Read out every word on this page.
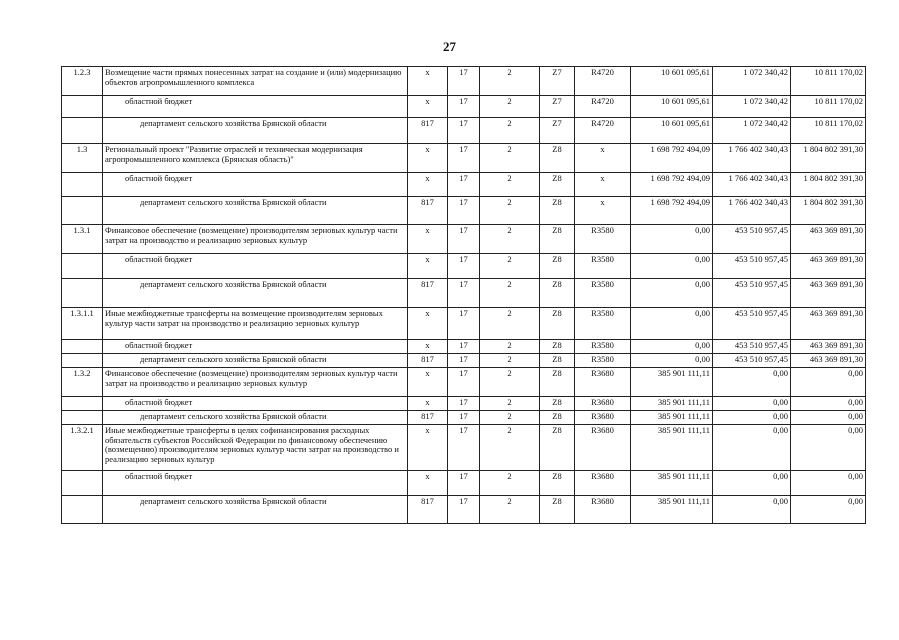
27
1.2.3	Возмещение части прямых понесенных затрат на создание и (или) модернизацию объектов агропромышленного комплекса	x	17	2	Z7	R4720	10 601 095,61	1 072 340,42	10 811 170,02
	областной бюджет	x	17	2	Z7	R4720	10 601 095,61	1 072 340,42	10 811 170,02
	департамент сельского хозяйства Брянской области	817	17	2	Z7	R4720	10 601 095,61	1 072 340,42	10 811 170,02
1.3	Региональный проект "Развитие отраслей и техническая модернизация агропромышленного комплекса (Брянская область)"	x	17	2	Z8	x	1 698 792 494,09	1 766 402 340,43	1 804 802 391,30
	областной бюджет	x	17	2	Z8	x	1 698 792 494,09	1 766 402 340,43	1 804 802 391,30
	департамент сельского хозяйства Брянской области	817	17	2	Z8	x	1 698 792 494,09	1 766 402 340,43	1 804 802 391,30
1.3.1	Финансовое обеспечение (возмещение) производителям зерновых культур части затрат на производство и реализацию зерновых культур	x	17	2	Z8	R3580	0,00	453 510 957,45	463 369 891,30
	областной бюджет	x	17	2	Z8	R3580	0,00	453 510 957,45	463 369 891,30
	департамент сельского хозяйства Брянской области	817	17	2	Z8	R3580	0,00	453 510 957,45	463 369 891,30
1.3.1.1	Иные межбюджетные трансферты на возмещение производителям зерновых культур части затрат на производство и реализацию зерновых культур	x	17	2	Z8	R3580	0,00	453 510 957,45	463 369 891,30
	областной бюджет	x	17	2	Z8	R3580	0,00	453 510 957,45	463 369 891,30
	департамент сельского хозяйства Брянской области	817	17	2	Z8	R3580	0,00	453 510 957,45	463 369 891,30
1.3.2	Финансовое обеспечение (возмещение) производителям зерновых культур части затрат на производство и реализацию зерновых культур	x	17	2	Z8	R3680	385 901 111,11	0,00	0,00
	областной бюджет	x	17	2	Z8	R3680	385 901 111,11	0,00	0,00
	департамент сельского хозяйства Брянской области	817	17	2	Z8	R3680	385 901 111,11	0,00	0,00
1.3.2.1	Иные межбюджетные трансферты в целях софинансирования расходных обязательств субъектов Российской Федерации по финансовому обеспечению (возмещению) производителям зерновых культур части затрат на производство и реализацию зерновых культур	x	17	2	Z8	R3680	385 901 111,11	0,00	0,00
	областной бюджет	x	17	2	Z8	R3680	385 901 111,11	0,00	0,00
	департамент сельского хозяйства Брянской области	817	17	2	Z8	R3680	385 901 111,11	0,00	0,00
